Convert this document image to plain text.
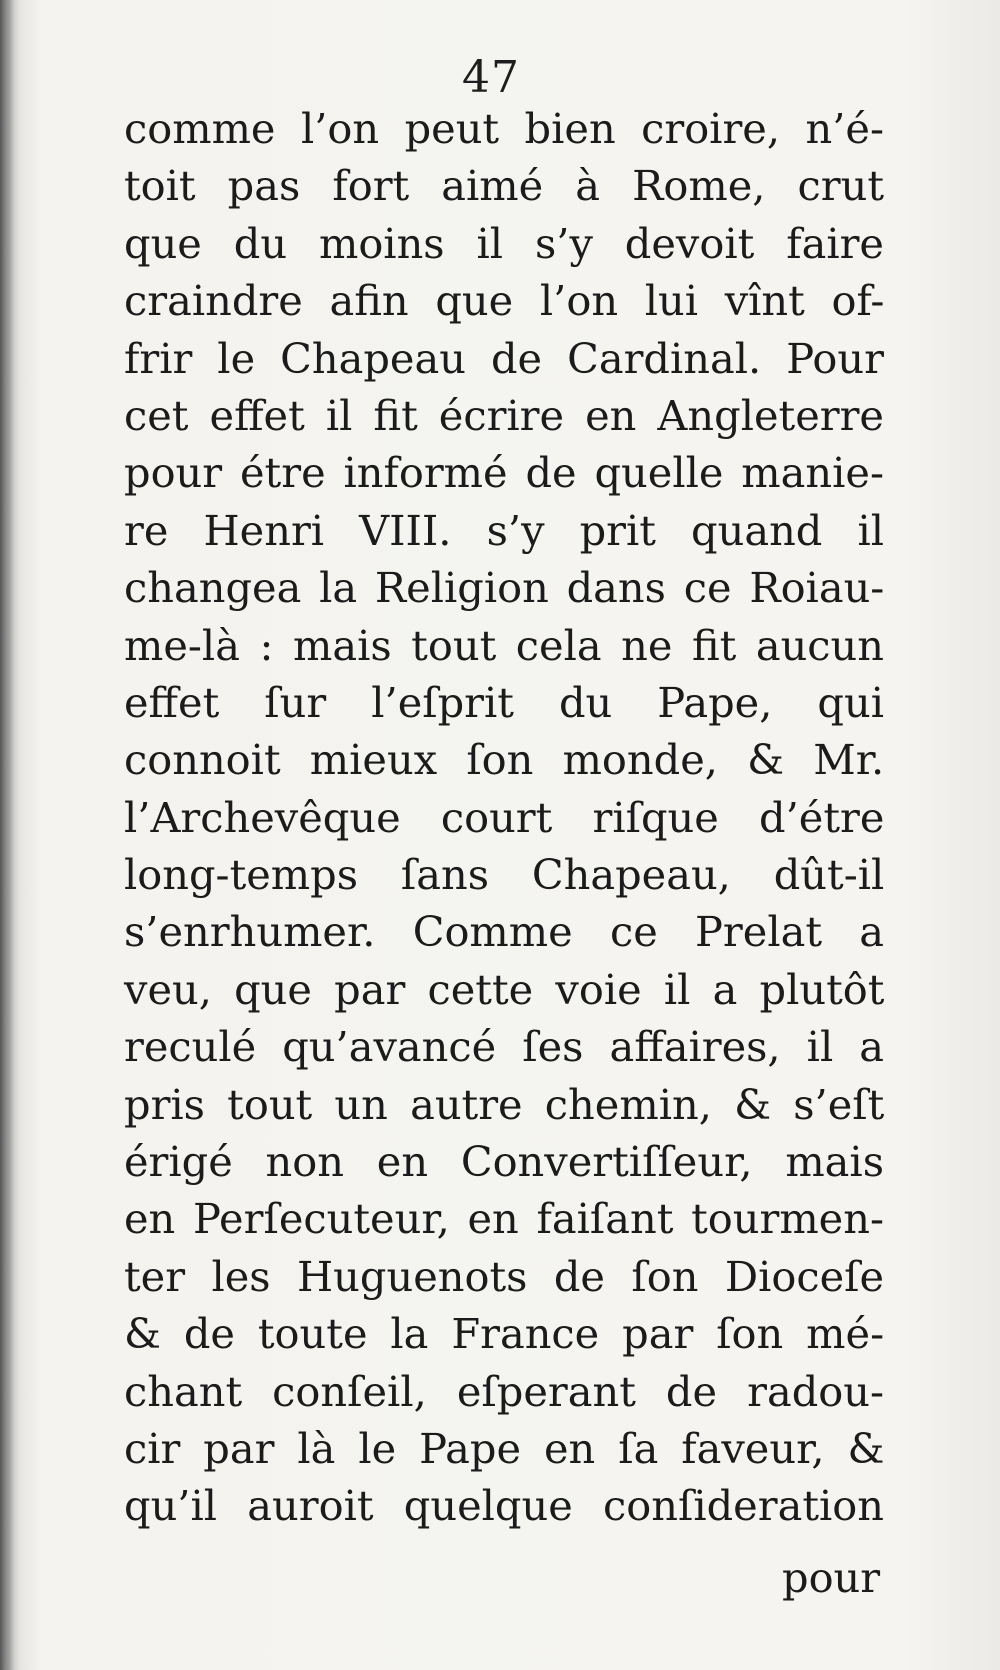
47
comme l’on peut bien croire, n’é-
toit pas fort aimé à Rome, crut
que du moins il s’y devoit faire
craindre afin que l’on lui vînt of-
frir le Chapeau de Cardinal. Pour
cet effet il fit écrire en Angleterre
pour étre informé de quelle manie-
re Henri VIII. s’y prit quand il
changea la Religion dans ce Roiau-
me-là : mais tout cela ne fit aucun
effet ſur l’eſprit du Pape, qui
connoit mieux ſon monde, & Mr.
l’Archevêque court riſque d’étre
long-temps ſans Chapeau, dût-il
s’enrhumer. Comme ce Prelat a
veu, que par cette voie il a plutôt
reculé qu’avancé ſes affaires, il a
pris tout un autre chemin, & s’eſt
érigé non en Convertiſſeur, mais
en Perſecuteur, en faiſant tourmen-
ter les Huguenots de ſon Dioceſe
& de toute la France par ſon mé-
chant conſeil, eſperant de radou-
cir par là le Pape en ſa faveur, &
qu’il auroit quelque conſideration
pour
